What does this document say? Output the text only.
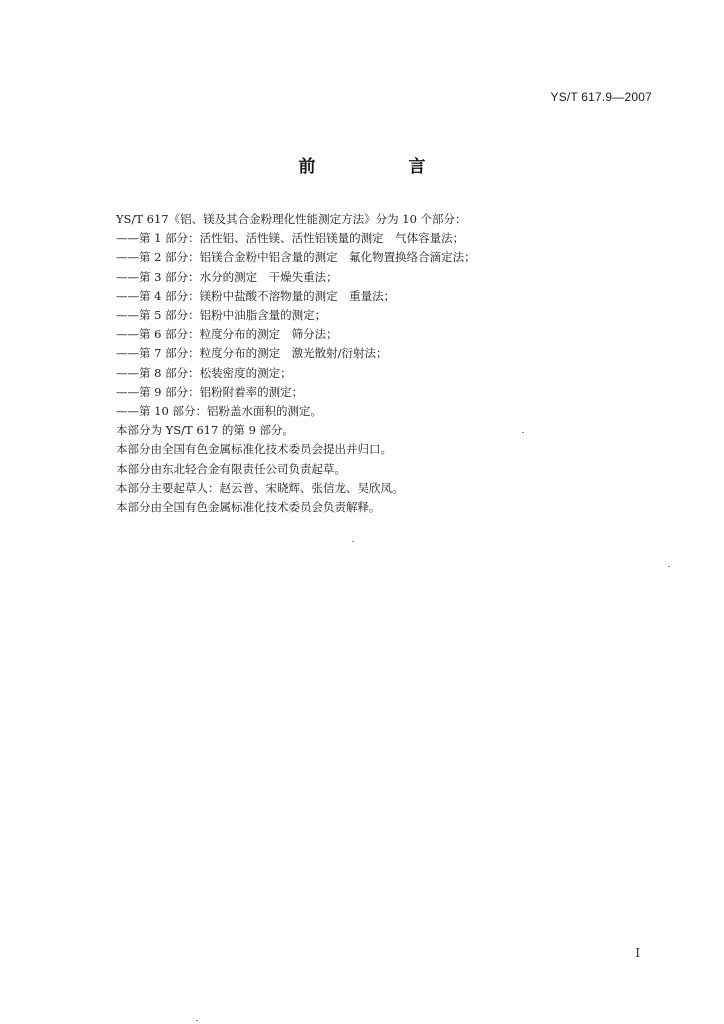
YS/T 617.9—2007
前　言

YS/T 617《铝、镁及其合金粉理化性能测定方法》分为 10 个部分：

——第 1 部分：活性铝、活性镁、活性铝镁量的测定　气体容量法；

——第 2 部分：铝镁合金粉中铝含量的测定　氟化物置换络合滴定法；

——第 3 部分：水分的测定　干燥失重法；

——第 4 部分：镁粉中盐酸不溶物量的测定　重量法；

——第 5 部分：铝粉中油脂含量的测定；

——第 6 部分：粒度分布的测定　筛分法；

——第 7 部分：粒度分布的测定　激光散射/衍射法；

——第 8 部分：松装密度的测定；

——第 9 部分：铝粉附着率的测定；

——第 10 部分：铝粉盖水面积的测定。

本部分为 YS/T 617 的第 9 部分。

本部分由全国有色金属标准化技术委员会提出并归口。

本部分由东北轻合金有限责任公司负责起草。

本部分主要起草人：赵云普、宋晓辉、张信龙、吴欣凤。

本部分由全国有色金属标准化技术委员会负责解释。

I
